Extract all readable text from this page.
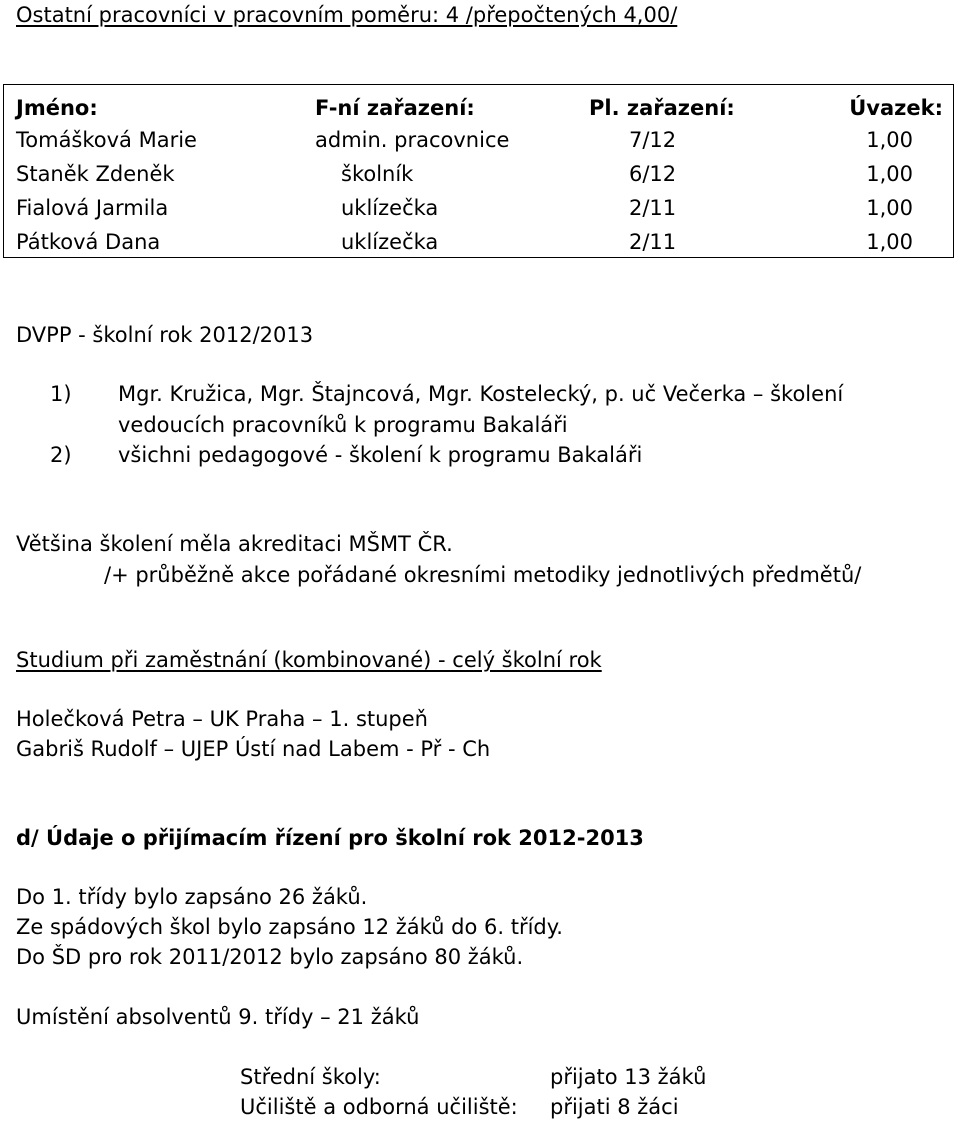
Ostatní pracovníci v pracovním poměru: 4 /přepočtených 4,00/
Jméno:	F-ní zařazení:	Pl. zařazení:	Úvazek:
Tomášková Marie	admin. pracovnice	7/12	1,00
Staněk Zdeněk	školník	6/12	1,00
Fialová Jarmila	uklízečka	2/11	1,00
Pátková Dana	uklízečka	2/11	1,00
DVPP - školní rok 2012/2013
1) Mgr. Kružica, Mgr. Štajncová, Mgr. Kostelecký, p. uč Večerka – školení
vedoucích pracovníků k programu Bakaláři
2) všichni pedagogové - školení k programu Bakaláři
Většina školení měla akreditaci MŠMT ČR.
/+ průběžně akce pořádané okresními metodiky jednotlivých předmětů/
Studium při zaměstnání (kombinované) - celý školní rok
Holečková Petra – UK Praha – 1. stupeň
Gabriš Rudolf – UJEP Ústí nad Labem - Př - Ch
d/ Údaje o přijímacím řízení pro školní rok 2012-2013
Do 1. třídy bylo zapsáno 26 žáků.
Ze spádových škol bylo zapsáno 12 žáků do 6. třídy.
Do ŠD pro rok 2011/2012 bylo zapsáno 80 žáků.
Umístění absolventů 9. třídy – 21 žáků
Střední školy:	přijato 13 žáků
Učiliště a odborná učiliště: přijati 8 žáci
